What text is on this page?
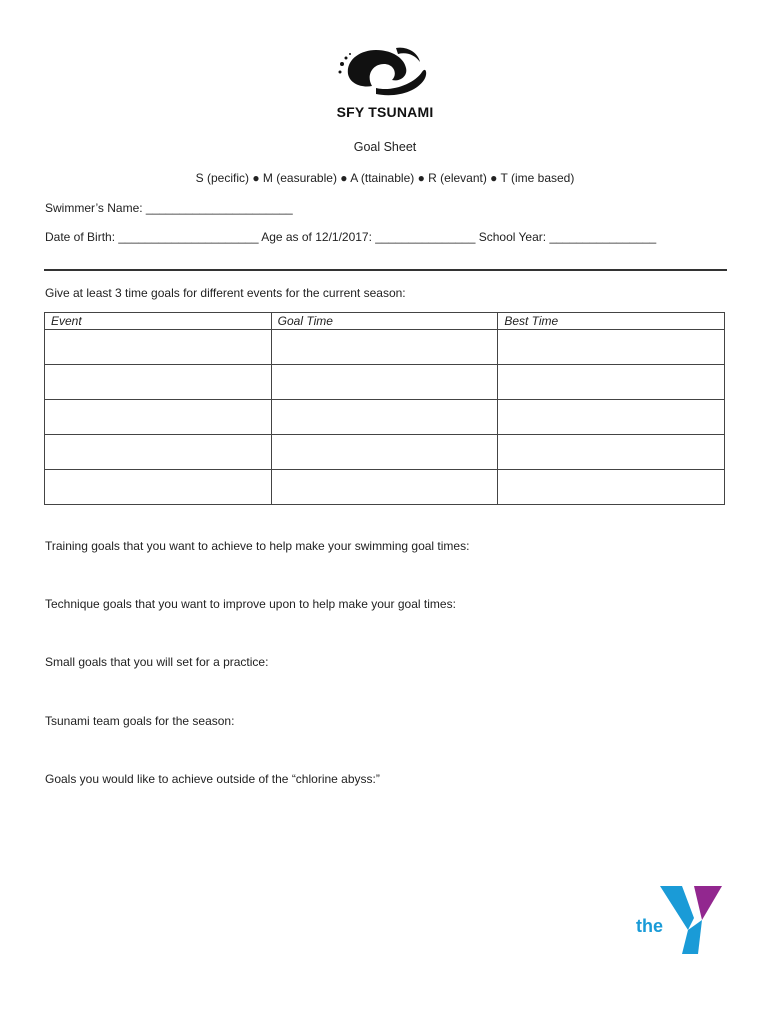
SFY TSUNAMI
Goal Sheet
S (pecific) ● M (easurable) ● A (ttainable) ● R (elevant) ● T (ime based)
Swimmer’s Name: ______________________
Date of Birth: _____________________ Age as of 12/1/2017: _______________ School Year: ________________
Give at least 3 time goals for different events for the current season:
Event	Goal Time	Best Time

Training goals that you want to achieve to help make your swimming goal times:
Technique goals that you want to improve upon to help make your goal times:
Small goals that you will set for a practice:
Tsunami team goals for the season:
Goals you would like to achieve outside of the “chlorine abyss:”
the
